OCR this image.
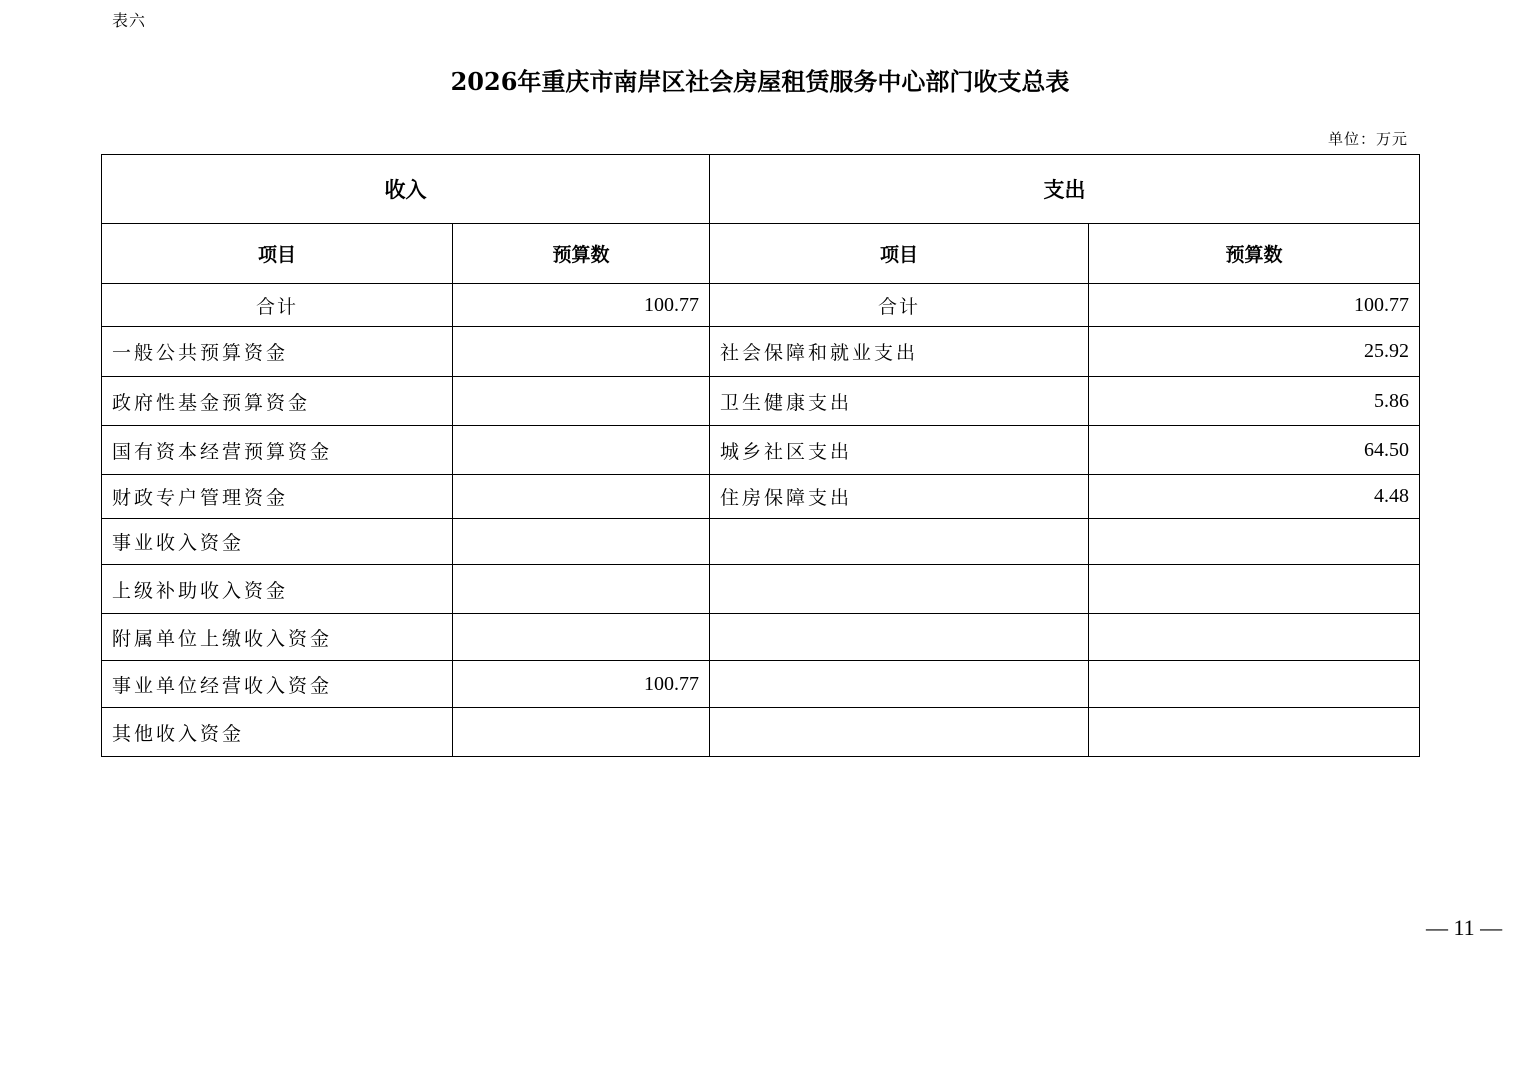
表六
2026年重庆市南岸区社会房屋租赁服务中心部门收支总表
单位：万元
收入		支出	
项目	预算数	项目	预算数
合计	100.77	合计	100.77
一般公共预算资金		社会保障和就业支出	25.92
政府性基金预算资金		卫生健康支出	5.86
国有资本经营预算资金		城乡社区支出	64.50
财政专户管理资金		住房保障支出	4.48
事业收入资金			
上级补助收入资金			
附属单位上缴收入资金			
事业单位经营收入资金	100.77		
其他收入资金			
— 11 —
